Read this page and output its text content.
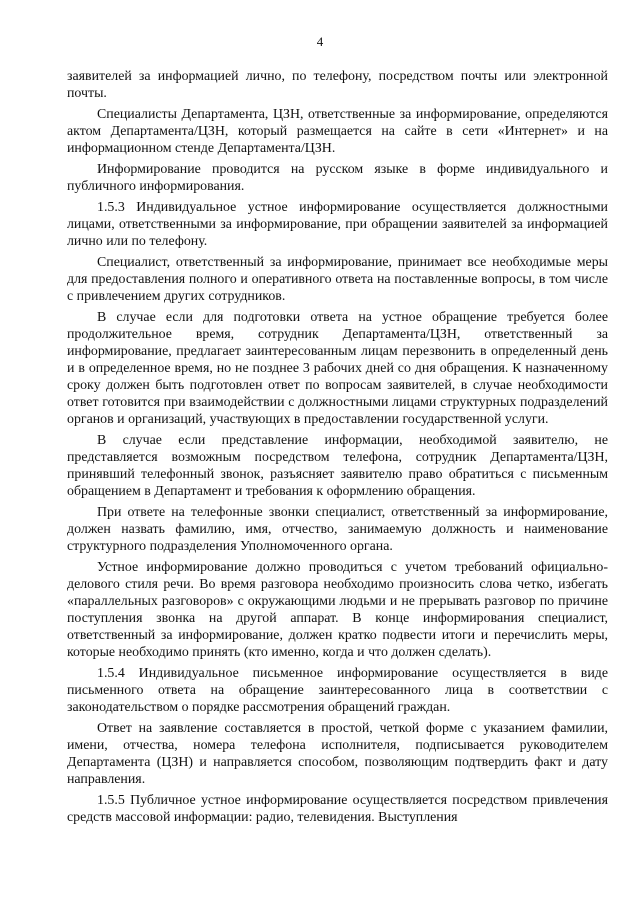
4

заявителей за информацией лично, по телефону, посредством почты или электронной почты.

Специалисты Департамента, ЦЗН, ответственные за информирование, определяются актом Департамента/ЦЗН, который размещается на сайте в сети «Интернет» и на информационном стенде Департамента/ЦЗН.

Информирование проводится на русском языке в форме индивидуального и публичного информирования.

1.5.3 Индивидуальное устное информирование осуществляется должностными лицами, ответственными за информирование, при обращении заявителей за информацией лично или по телефону.

Специалист, ответственный за информирование, принимает все необходимые меры для предоставления полного и оперативного ответа на поставленные вопросы, в том числе с привлечением других сотрудников.

В случае если для подготовки ответа на устное обращение требуется более продолжительное время, сотрудник Департамента/ЦЗН, ответственный за информирование, предлагает заинтересованным лицам перезвонить в определенный день и в определенное время, но не позднее 3 рабочих дней со дня обращения. К назначенному сроку должен быть подготовлен ответ по вопросам заявителей, в случае необходимости ответ готовится при взаимодействии с должностными лицами структурных подразделений органов и организаций, участвующих в предоставлении государственной услуги.

В случае если представление информации, необходимой заявителю, не представляется возможным посредством телефона, сотрудник Департамента/ЦЗН, принявший телефонный звонок, разъясняет заявителю право обратиться с письменным обращением в Департамент и требования к оформлению обращения.

При ответе на телефонные звонки специалист, ответственный за информирование, должен назвать фамилию, имя, отчество, занимаемую должность и наименование структурного подразделения Уполномоченного органа.

Устное информирование должно проводиться с учетом требований официально-делового стиля речи. Во время разговора необходимо произносить слова четко, избегать «параллельных разговоров» с окружающими людьми и не прерывать разговор по причине поступления звонка на другой аппарат. В конце информирования специалист, ответственный за информирование, должен кратко подвести итоги и перечислить меры, которые необходимо принять (кто именно, когда и что должен сделать).

1.5.4 Индивидуальное письменное информирование осуществляется в виде письменного ответа на обращение заинтересованного лица в соответствии с законодательством о порядке рассмотрения обращений граждан.

Ответ на заявление составляется в простой, четкой форме с указанием фамилии, имени, отчества, номера телефона исполнителя, подписывается руководителем Департамента (ЦЗН) и направляется способом, позволяющим подтвердить факт и дату направления.

1.5.5 Публичное устное информирование осуществляется посредством привлечения средств массовой информации: радио, телевидения. Выступления
